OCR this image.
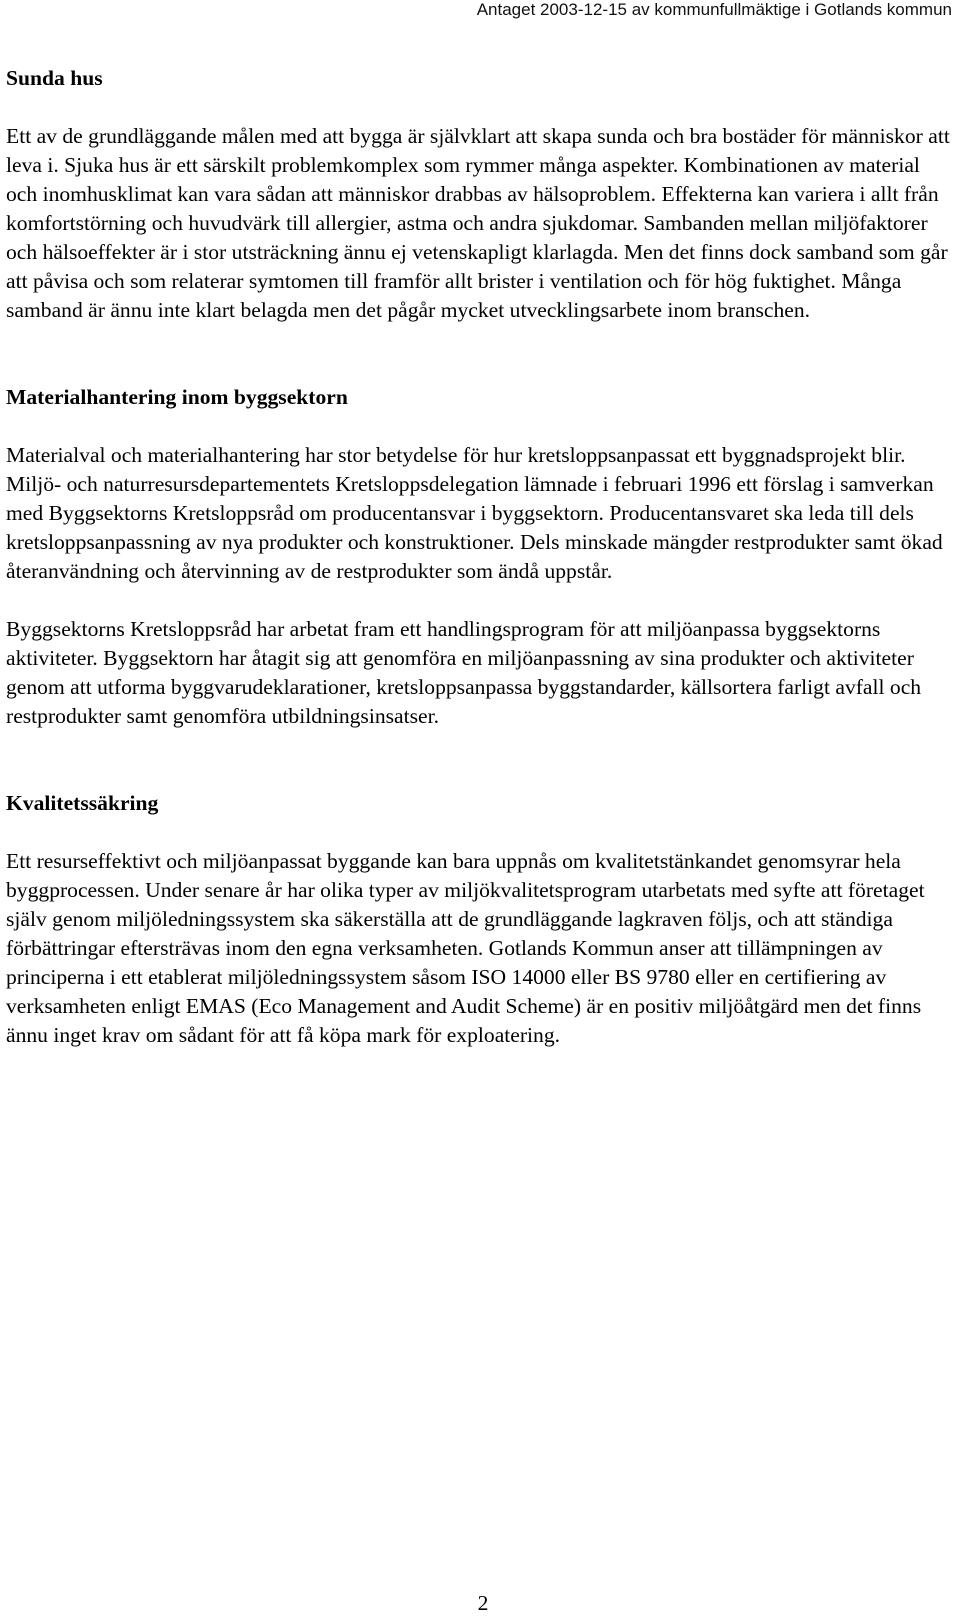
Antaget 2003-12-15 av kommunfullmäktige i Gotlands kommun
Sunda hus

Ett av de grundläggande målen med att bygga är självklart att skapa sunda och bra bostäder för människor att leva i. Sjuka hus är ett särskilt problemkomplex som rymmer många aspekter. Kombinationen av material och inomhusklimat kan vara sådan att människor drabbas av hälsoproblem. Effekterna kan variera i allt från komfortstörning och huvudvärk till allergier, astma och andra sjukdomar. Sambanden mellan miljöfaktorer och hälsoeffekter är i stor utsträckning ännu ej vetenskapligt klarlagda. Men det finns dock samband som går att påvisa och som relaterar symtomen till framför allt brister i ventilation och för hög fuktighet. Många samband är ännu inte klart belagda men det pågår mycket utvecklingsarbete inom branschen.

Materialhantering inom byggsektorn

Materialval och materialhantering har stor betydelse för hur kretsloppsanpassat ett byggnadsprojekt blir. Miljö- och naturresursdepartementets Kretsloppsdelegation lämnade i februari 1996 ett förslag i samverkan med Byggsektorns Kretsloppsråd om producentansvar i byggsektorn. Producentansvaret ska leda till dels kretsloppsanpassning av nya produkter och konstruktioner. Dels minskade mängder restprodukter samt ökad återanvändning och återvinning av de restprodukter som ändå uppstår.

Byggsektorns Kretsloppsråd har arbetat fram ett handlingsprogram för att miljöanpassa byggsektorns aktiviteter. Byggsektorn har åtagit sig att genomföra en miljöanpassning av sina produkter och aktiviteter genom att utforma byggvarudeklarationer, kretsloppsanpassa byggstandarder, källsortera farligt avfall och restprodukter samt genomföra utbildningsinsatser.

Kvalitetssäkring

Ett resurseffektivt och miljöanpassat byggande kan bara uppnås om kvalitetstänkandet genomsyrar hela byggprocessen. Under senare år har olika typer av miljökvalitetsprogram utarbetats med syfte att företaget själv genom miljöledningssystem ska säkerställa att de grundläggande lagkraven följs, och att ständiga förbättringar eftersträvas inom den egna verksamheten. Gotlands Kommun anser att tillämpningen av principerna i ett etablerat miljöledningssystem såsom ISO 14000 eller BS 9780 eller en certifiering av verksamheten enligt EMAS (Eco Management and Audit Scheme) är en positiv miljöåtgärd men det finns ännu inget krav om sådant för att få köpa mark för exploatering.

2
